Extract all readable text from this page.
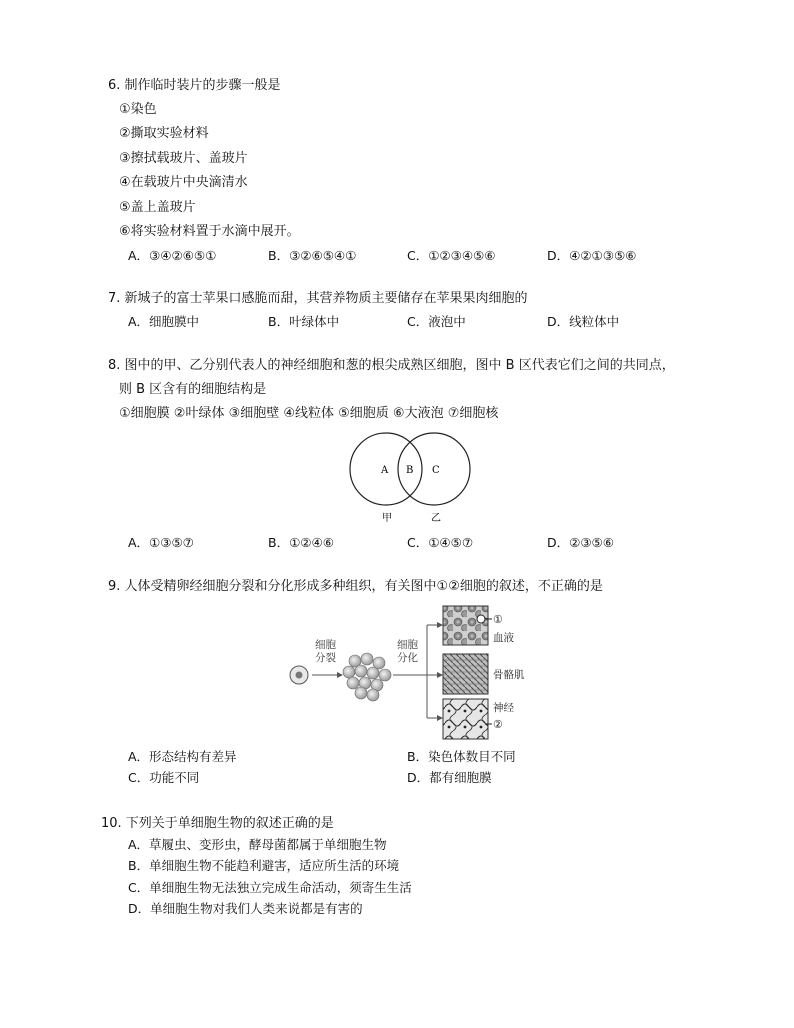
6. 制作临时装片的步骤一般是
①染色
②撕取实验材料
③擦拭载玻片、盖玻片
④在载玻片中央滴清水
⑤盖上盖玻片
⑥将实验材料置于水滴中展开。
A．③④②⑥⑤①	B．③②⑥⑤④①	C．①②③④⑤⑥	D．④②①③⑤⑥
7. 新城子的富士苹果口感脆而甜，其营养物质主要储存在苹果果肉细胞的
A．细胞膜中	B．叶绿体中	C．液泡中	D．线粒体中
8. 图中的甲、乙分别代表人的神经细胞和葱的根尖成熟区细胞，图中 B 区代表它们之间的共同点，
则 B 区含有的细胞结构是
①细胞膜 ②叶绿体 ③细胞壁 ④线粒体 ⑤细胞质 ⑥大液泡 ⑦细胞核
A B C
甲	乙
A．①③⑤⑦	B．①②④⑥	C．①④⑤⑦	D．②③⑤⑥
9. 人体受精卵经细胞分裂和分化形成多种组织，有关图中①②细胞的叙述，不正确的是
细胞
分裂
细胞
分化
①
血液
骨骼肌
神经
②
A．形态结构有差异	B．染色体数目不同
C．功能不同	D．都有细胞膜
10. 下列关于单细胞生物的叙述正确的是
A．草履虫、变形虫，酵母菌都属于单细胞生物
B．单细胞生物不能趋利避害，适应所生活的环境
C．单细胞生物无法独立完成生命活动，须寄生生活
D．单细胞生物对我们人类来说都是有害的
